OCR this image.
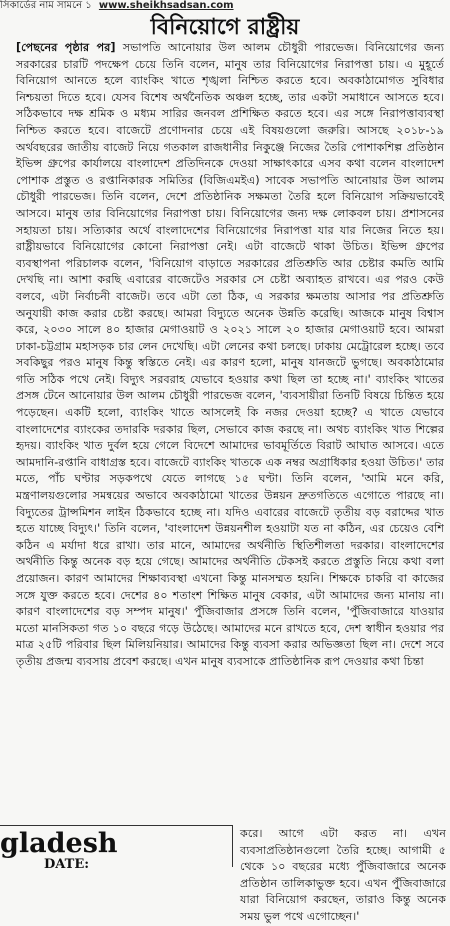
সিকার্ডের নাম সামনে ১ www.sheikhsadsan.com
বিনিয়োগে রাষ্ট্রীয়
[পেছনের পৃষ্ঠার পর] সভাপতি আনোয়ার উল আলম চৌধুরী পারভেজ। বিনিয়োগের জন্য সরকারের চারটি পদক্ষেপ চেয়ে তিনি বলেন, মানুষ তার বিনিয়োগের নিরাপত্তা চায়। এ মুহূর্তে বিনিয়োগ আনতে হলে ব্যাংকিং খাতে শৃঙ্খলা নিশ্চিত করতে হবে। অবকাঠামোগত সুবিধার নিশ্চয়তা দিতে হবে। যেসব বিশেষ অর্থনৈতিক অঞ্চল হচ্ছে, তার একটা সমাধানে আসতে হবে। সঠিকভাবে দক্ষ শ্রমিক ও মধ্যম সারির জনবল প্রশিক্ষিত করতে হবে। এর সঙ্গে নিরাপত্তাব্যবস্থা নিশ্চিত করতে হবে। বাজেটে প্রণোদনার চেয়ে এই বিষয়গুলো জরুরি। আসছে ২০১৮-১৯ অর্থবছরের জাতীয় বাজেট নিয়ে গতকাল রাজধানীর নিকুঞ্জে নিজের তৈরি পোশাকশিল্প প্রতিষ্ঠান ইভিন্স গ্রুপের কার্যালয়ে বাংলাদেশ প্রতিদিনকে দেওয়া সাক্ষাৎকারে এসব কথা বলেন বাংলাদেশ পোশাক প্রস্তুত ও রপ্তানিকারক সমিতির (বিজিএমইএ) সাবেক সভাপতি আনোয়ার উল আলম চৌধুরী পারভেজ। তিনি বলেন, দেশে প্রতিষ্ঠানিক সক্ষমতা তৈরি হলে বিনিয়োগ সক্রিয়ভাবেই আসবে। মানুষ তার বিনিয়োগের নিরাপত্তা চায়। বিনিয়োগের জন্য দক্ষ লোকবল চায়। প্রশাসনের সহায়তা চায়। সত্যিকার অর্থে বাংলাদেশের বিনিয়োগের নিরাপত্তা যার যার নিজের নিতে হয়। রাষ্ট্রীয়ভাবে বিনিয়োগের কোনো নিরাপত্তা নেই। এটা বাজেটে থাকা উচিত। ইভিন্স গ্রুপের ব্যবস্থাপনা পরিচালক বলেন, 'বিনিয়োগ বাড়াতে সরকারের প্রতিশ্রুতি আর চেষ্টার কমতি আমি দেখছি না। আশা করছি এবারের বাজেটেও সরকার সে চেষ্টা অব্যাহত রাখবে। এর পরও কেউ বলবে, এটা নির্বাচনী বাজেট। তবে এটা তো ঠিক, এ সরকার ক্ষমতায় আসার পর প্রতিশ্রুতি অনুযায়ী কাজ করার চেষ্টা করছে। আমরা বিদ্যুতে অনেক উন্নতি করেছি। আজকে মানুষ বিশ্বাস করে, ২০৩০ সালে ৪০ হাজার মেগাওয়াট ও ২০২১ সালে ২০ হাজার মেগাওয়াট হবে। আমরা ঢাকা-চট্টগ্রাম মহাসড়ক চার লেন দেখেছি। এটা লেনের কথা চলছে। ঢাকায় মেট্রোরেল হচ্ছে। তবে সবকিছুর পরও মানুষ কিন্তু স্বস্তিতে নেই। এর কারণ হলো, মানুষ যানজটে ভুগছে। অবকাঠামোর গতি সঠিক পথে নেই। বিদ্যুৎ সরবরাহ যেভাবে হওয়ার কথা ছিল তা হচ্ছে না।' ব্যাংকিং খাতের প্রসঙ্গ টেনে আনোয়ার উল আলম চৌধুরী পারভেজ বলেন, 'ব্যবসায়ীরা তিনটি বিষয়ে চিন্তিত হয়ে পড়েছেন। একটি হলো, ব্যাংকিং খাতে আসলেই কি নজর দেওয়া হচ্ছে? এ খাতে যেভাবে বাংলাদেশের ব্যাংকের তদারকি দরকার ছিল, সেভাবে কাজ করছে না। অথচ ব্যাংকিং খাত শিল্পের হৃদয়। ব্যাংকিং খাত দুর্বল হয়ে গেলে বিদেশে আমাদের ভাবমূর্তিতে বিরাট আঘাত আসবে। এতে আমদানি-রপ্তানি বাধাগ্রস্ত হবে। বাজেটে ব্যাংকিং খাতকে এক নম্বর অগ্রাধিকার হওয়া উচিত।' তার মতে, পাঁচ ঘণ্টার সড়কপথে যেতে লাগছে ১৫ ঘণ্টা। তিনি বলেন, 'আমি মনে করি, মন্ত্রণালয়গুলোর সমন্বয়ের অভাবে অবকাঠামো খাতের উন্নয়ন দ্রুতগতিতে এগোতে পারছে না। বিদ্যুতের ট্রান্সমিশন লাইন ঠিকভাবে হচ্ছে না। যদিও এবারের বাজেটে তৃতীয় বড় বরাদ্দের খাত হতে যাচ্ছে বিদ্যুৎ।' তিনি বলেন, 'বাংলাদেশ উন্নয়নশীল হওয়াটা যত না কঠিন, এর চেয়েও বেশি কঠিন এ মর্যাদা ধরে রাখা। তার মানে, আমাদের অর্থনীতি স্থিতিশীলতা দরকার। বাংলাদেশের অর্থনীতি কিন্তু অনেক বড় হয়ে গেছে। আমাদের অর্থনীতি টেকসই করতে প্রস্তুতি নিয়ে কথা বলা প্রয়োজন। কারণ আমাদের শিক্ষাব্যবস্থা এখনো কিন্তু মানসম্মত হয়নি। শিক্ষকে চাকরি বা কাজের সঙ্গে যুক্ত করতে হবে। দেশের ৪০ শতাংশ শিক্ষিত মানুষ বেকার, এটা আমাদের জন্য মানায় না। কারণ বাংলাদেশের বড় সম্পদ মানুষ।' পুঁজিবাজার প্রসঙ্গে তিনি বলেন, 'পুঁজিবাজারে যাওয়ার মতো মানসিকতা গত ১০ বছরে গড়ে উঠেছে। আমাদের মনে রাখতে হবে, দেশ স্বাধীন হওয়ার পর মাত্র ২৫টি পরিবার ছিল মিলিয়নিয়ার। আমাদের কিন্তু ব্যবসা করার অভিজ্ঞতা ছিল না। দেশে সবে তৃতীয় প্রজন্ম ব্যবসায় প্রবেশ করছে। এখন মানুষ ব্যবসাকে প্রাতিষ্ঠানিক রূপ দেওয়ার কথা চিন্তা
gladesh
DATE:
করে। আগে এটা করত না। এখন ব্যবসাপ্রতিষ্ঠানগুলো তৈরি হচ্ছে। আগামী ৫ থেকে ১০ বছরের মধ্যে পুঁজিবাজারে অনেক প্রতিষ্ঠান তালিকাভুক্ত হবে। এখন পুঁজিবাজারে যারা বিনিয়োগ করছেন, তারাও কিন্তু অনেক সময় ভুল পথে এগোচ্ছেন।'
